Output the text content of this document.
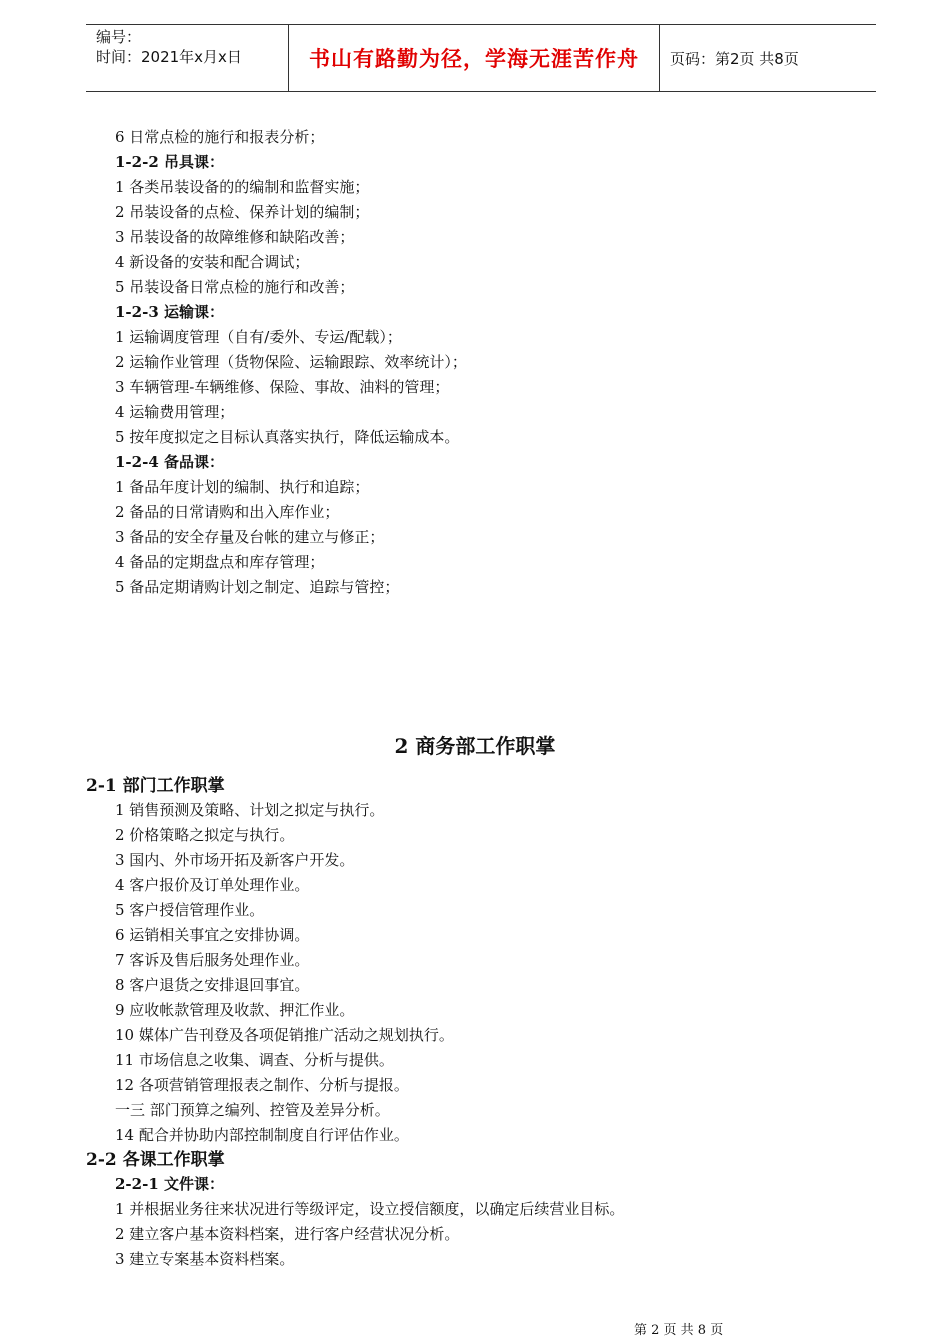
编号：
时间：2021年x月x日	书山有路勤为径，学海无涯苦作舟	页码：第2页 共8页
6 日常点检的施行和报表分析；
1-2-2 吊具课：
1 各类吊装设备的的编制和监督实施；
2 吊装设备的点检、保养计划的编制；
3 吊装设备的故障维修和缺陷改善；
4 新设备的安装和配合调试；
5 吊装设备日常点检的施行和改善；
1-2-3 运输课：
1 运输调度管理（自有/委外、专运/配载）；
2 运输作业管理（货物保险、运输跟踪、效率统计）；
3 车辆管理-车辆维修、保险、事故、油料的管理；
4 运输费用管理；
5 按年度拟定之目标认真落实执行，降低运输成本。
1-2-4 备品课：
1 备品年度计划的编制、执行和追踪；
2 备品的日常请购和出入库作业；
3 备品的安全存量及台帐的建立与修正；
4 备品的定期盘点和库存管理；
5 备品定期请购计划之制定、追踪与管控；
2 商务部工作职掌
2-1 部门工作职掌
1 销售预测及策略、计划之拟定与执行。
2 价格策略之拟定与执行。
3 国内、外市场开拓及新客户开发。
4 客户报价及订单处理作业。
5 客户授信管理作业。
6 运销相关事宜之安排协调。
7 客诉及售后服务处理作业。
8 客户退货之安排退回事宜。
9 应收帐款管理及收款、押汇作业。
10 媒体广告刊登及各项促销推广活动之规划执行。
11 市场信息之收集、调查、分析与提供。
12 各项营销管理报表之制作、分析与提报。
一三 部门预算之编列、控管及差异分析。
14 配合并协助内部控制制度自行评估作业。
2-2 各课工作职掌
2-2-1 文件课：
1 并根据业务往来状况进行等级评定，设立授信额度，以确定后续营业目标。
2 建立客户基本资料档案，进行客户经营状况分析。
3 建立专案基本资料档案。
第 2 页 共 8 页
